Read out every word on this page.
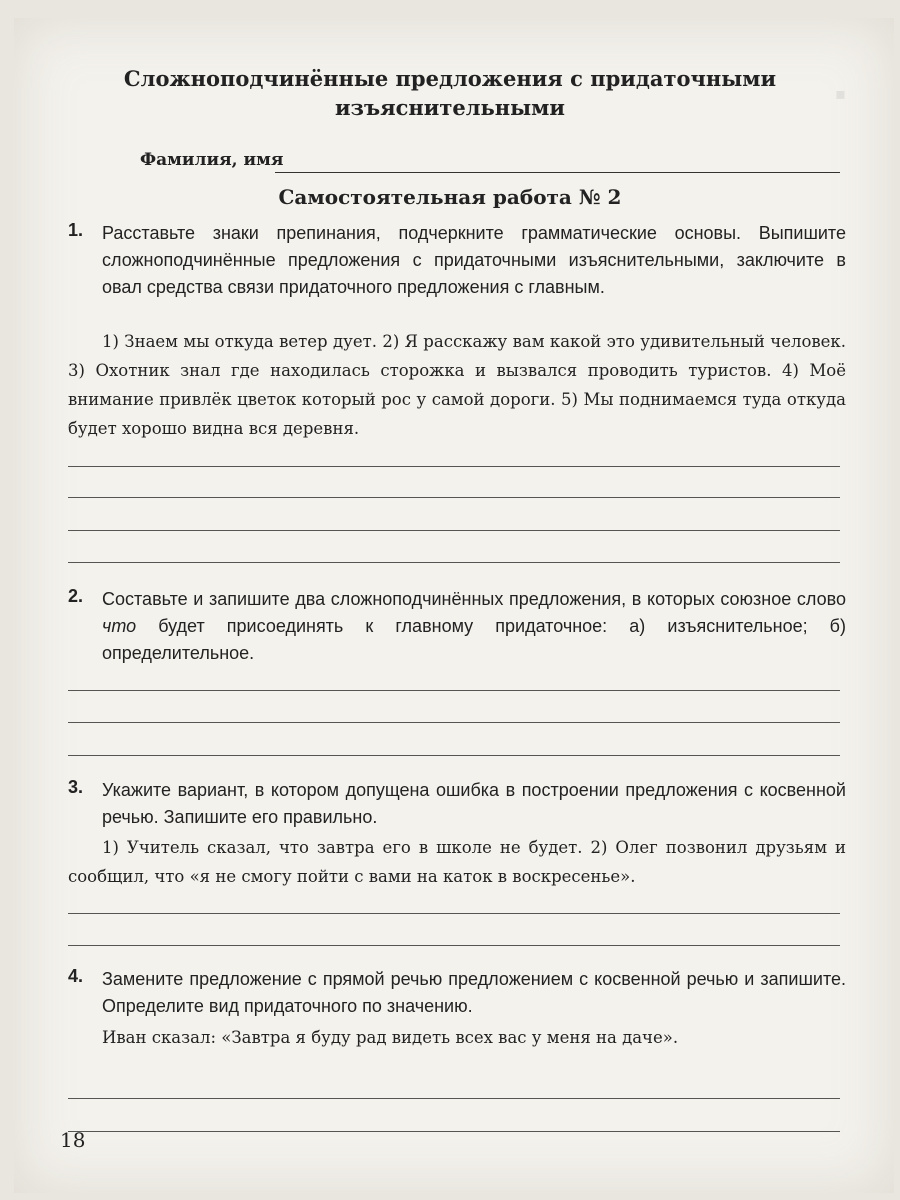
Сложноподчинённые предложения с придаточными
изъяснительными
Фамилия, имя
Самостоятельная работа № 2
1. Расставьте знаки препинания, подчеркните грамматические основы. Выпишите сложноподчинённые предложения с придаточными изъяснительными, заключите в овал средства связи придаточного предложения с главным.
1) Знаем мы откуда ветер дует. 2) Я расскажу вам какой это удивительный человек. 3) Охотник знал где находилась сторожка и вызвался проводить туристов. 4) Моё внимание привлёк цветок который рос у самой дороги. 5) Мы поднимаемся туда откуда будет хорошо видна вся деревня.
2. Составьте и запишите два сложноподчинённых предложения, в которых союзное слово что будет присоединять к главному придаточное: а) изъяснительное; б) определительное.
3. Укажите вариант, в котором допущена ошибка в построении предложения с косвенной речью. Запишите его правильно.
1) Учитель сказал, что завтра его в школе не будет. 2) Олег позвонил друзьям и сообщил, что «я не смогу пойти с вами на каток в воскресенье».
4. Замените предложение с прямой речью предложением с косвенной речью и запишите. Определите вид придаточного по значению.
Иван сказал: «Завтра я буду рад видеть всех вас у меня на даче».
18
